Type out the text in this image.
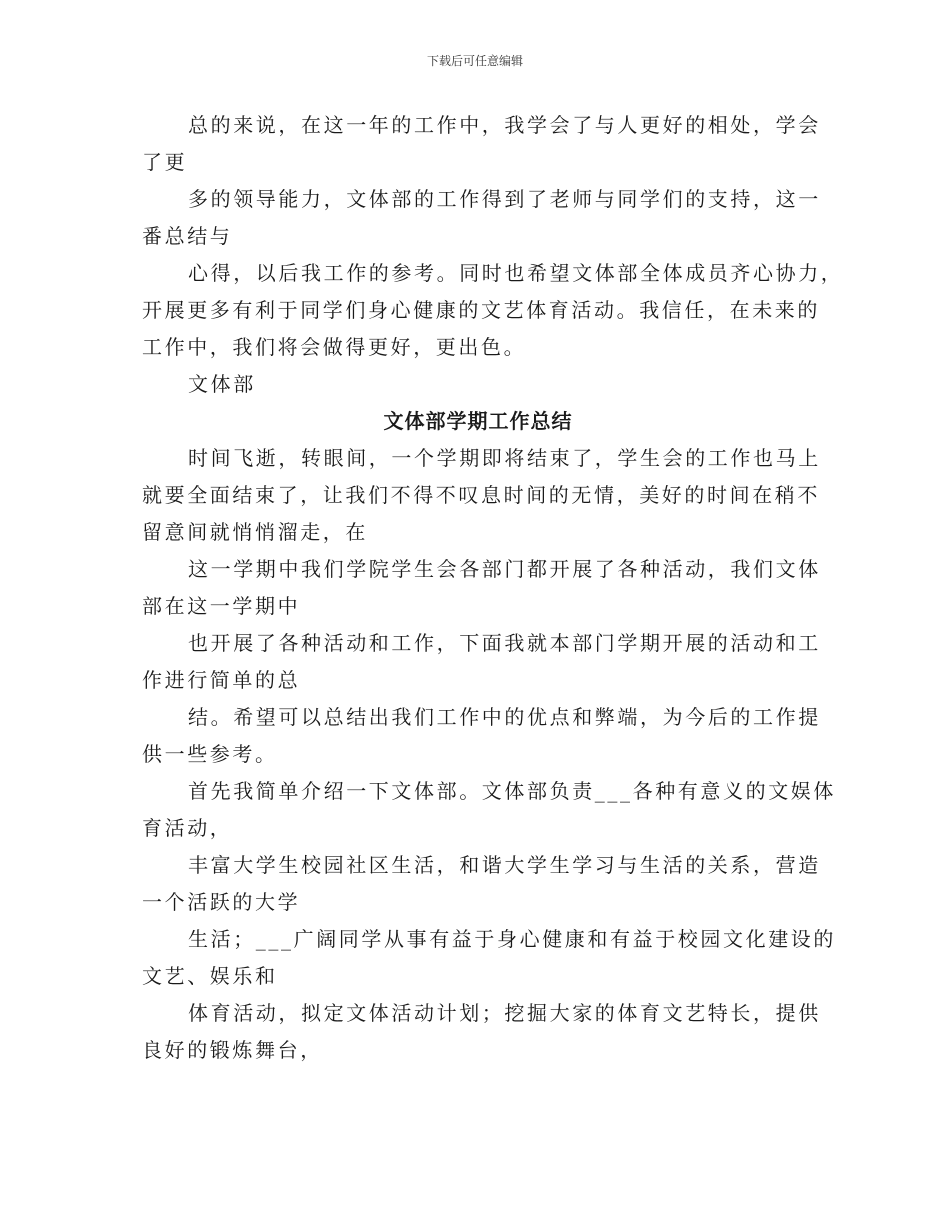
下载后可任意编辑
总的来说，在这一年的工作中，我学会了与人更好的相处，学会
了更
多的领导能力，文体部的工作得到了老师与同学们的支持，这一
番总结与
心得，以后我工作的参考。同时也希望文体部全体成员齐心协力，
开展更多有利于同学们身心健康的文艺体育活动。我信任，在未来的
工作中，我们将会做得更好，更出色。
文体部
文体部学期工作总结
时间飞逝，转眼间，一个学期即将结束了，学生会的工作也马上
就要全面结束了，让我们不得不叹息时间的无情，美好的时间在稍不
留意间就悄悄溜走，在
这一学期中我们学院学生会各部门都开展了各种活动，我们文体
部在这一学期中
也开展了各种活动和工作，下面我就本部门学期开展的活动和工
作进行简单的总
结。希望可以总结出我们工作中的优点和弊端，为今后的工作提
供一些参考。
首先我简单介绍一下文体部。文体部负责___各种有意义的文娱体
育活动，
丰富大学生校园社区生活，和谐大学生学习与生活的关系，营造
一个活跃的大学
生活；___广阔同学从事有益于身心健康和有益于校园文化建设的
文艺、娱乐和
体育活动，拟定文体活动计划；挖掘大家的体育文艺特长，提供
良好的锻炼舞台，
